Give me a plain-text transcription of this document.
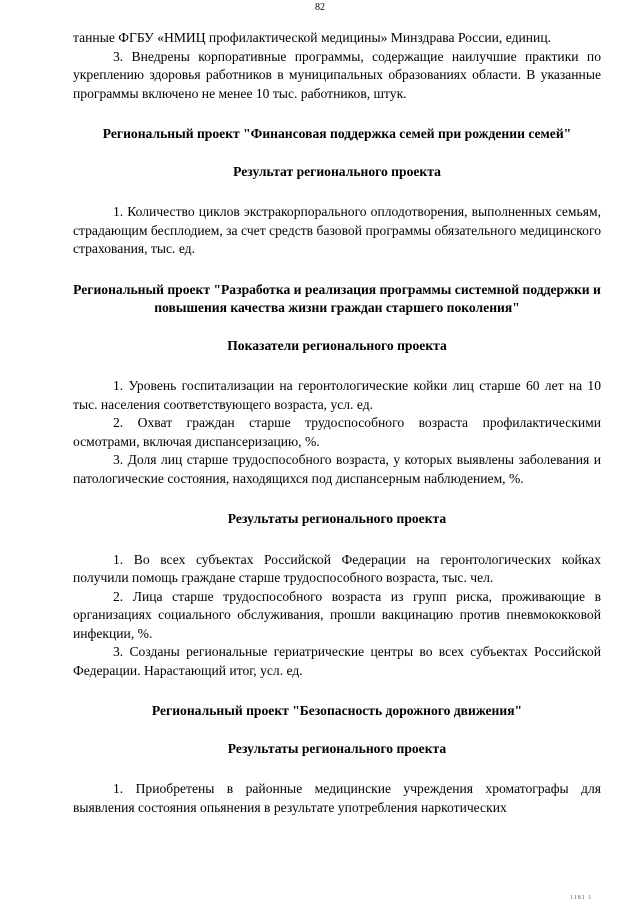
82

танные ФГБУ «НМИЦ профилактической медицины» Минздрава России, единиц.

3. Внедрены корпоративные программы, содержащие наилучшие практики по укреплению здоровья работников в муниципальных образованиях области. В указанные программы включено не менее 10 тыс. работников, штук.

Региональный проект "Финансовая поддержка семей при рождении семей"

Результат регионального проекта

1. Количество циклов экстракорпорального оплодотворения, выполненных семьям, страдающим бесплодием, за счет средств базовой программы обязательного медицинского страхования, тыс. ед.

Региональный проект "Разработка и реализация программы системной поддержки и повышения качества жизни граждан старшего поколения"

Показатели регионального проекта

1. Уровень госпитализации на геронтологические койки лиц старше 60 лет на 10 тыс. населения соответствующего возраста, усл. ед.

2. Охват граждан старше трудоспособного возраста профилактическими осмотрами, включая диспансеризацию, %.

3. Доля лиц старше трудоспособного возраста, у которых выявлены заболевания и патологические состояния, находящихся под диспансерным наблюдением, %.

Результаты регионального проекта

1. Во всех субъектах Российской Федерации на геронтологических койках получили помощь граждане старше трудоспособного возраста, тыс. чел.

2. Лица старше трудоспособного возраста из групп риска, проживающие в организациях социального обслуживания, прошли вакцинацию против пневмококковой инфекции, %.

3. Созданы региональные гериатрические центры во всех субъектах Российской Федерации. Нарастающий итог, усл. ед.

Региональный проект "Безопасность дорожного движения"

Результаты регионального проекта

1. Приобретены в районные медицинские учреждения хроматографы для выявления состояния опьянения в результате употребления наркотических

1181 1
